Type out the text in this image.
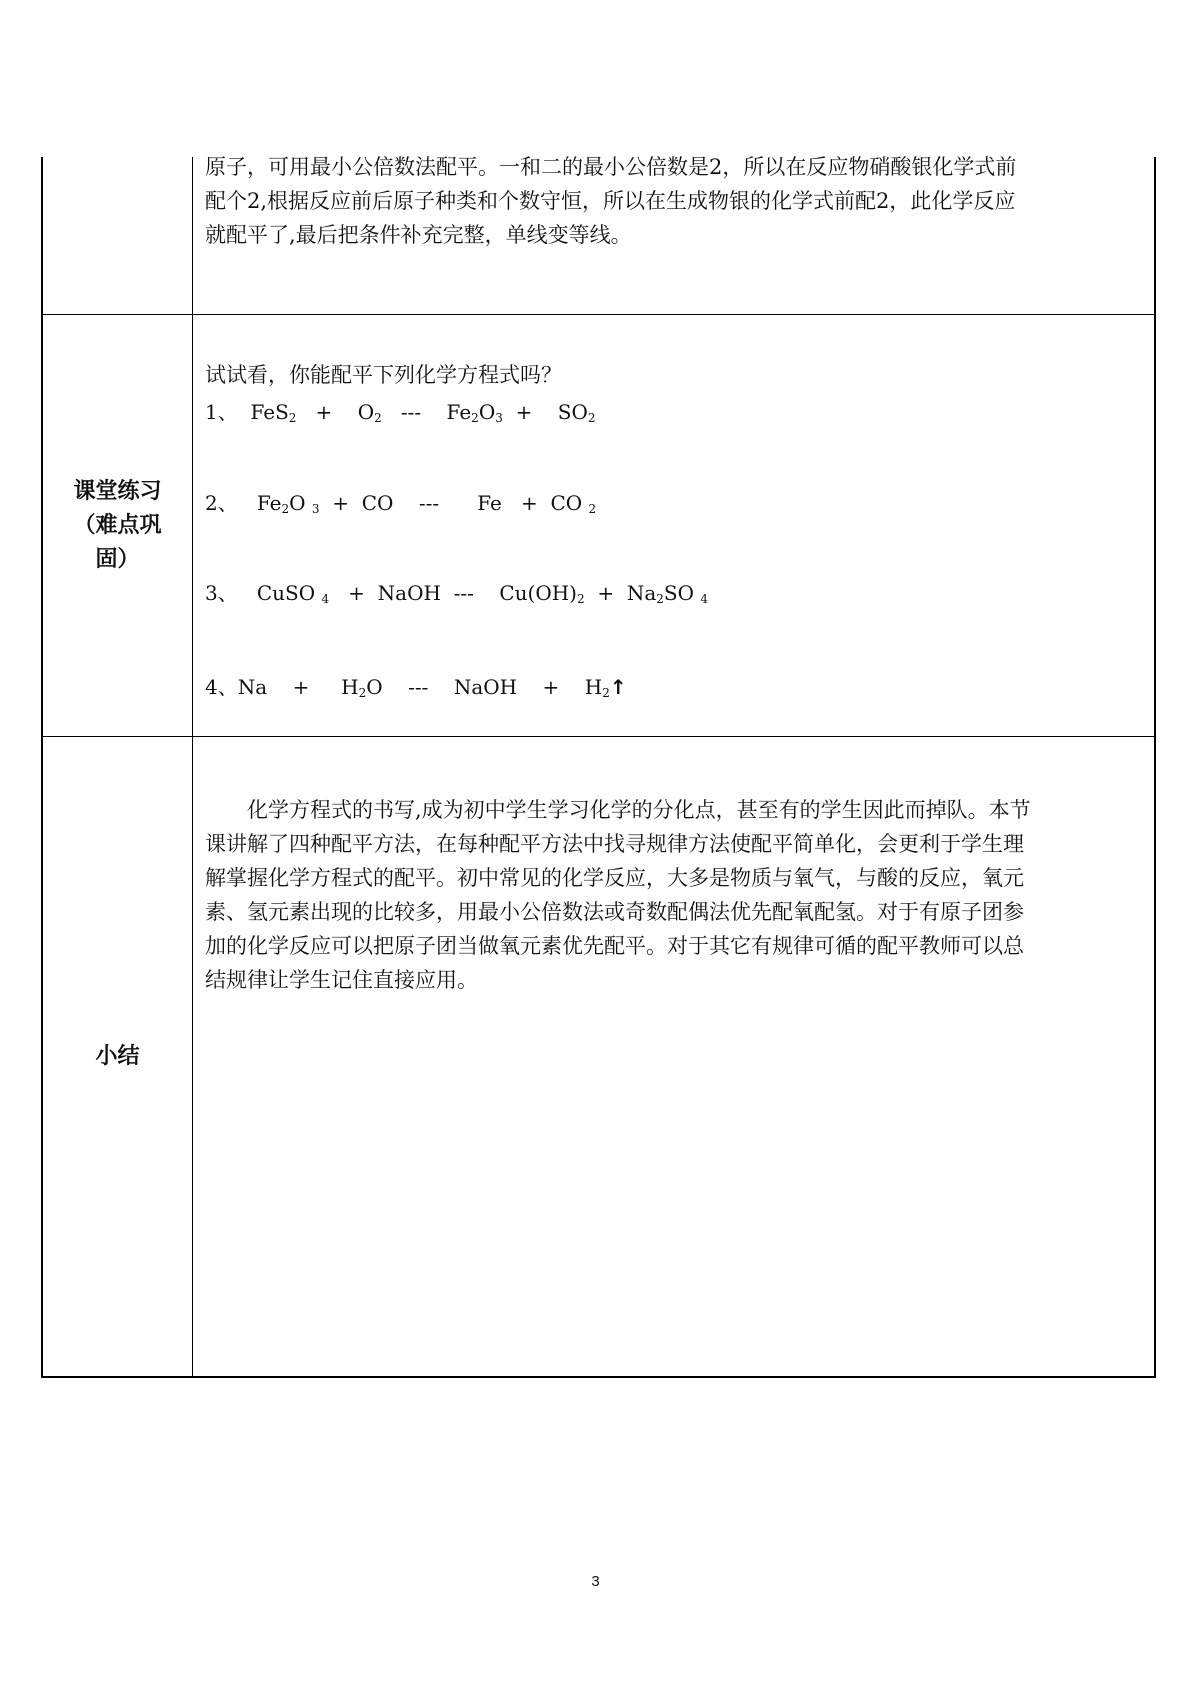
原子，可用最小公倍数法配平。一和二的最小公倍数是2，所以在反应物硝酸银化学式前

配个2,根据反应前后原子种类和个数守恒，所以在生成物银的化学式前配2，此化学反应

就配平了,最后把条件补充完整，单线变等线。

课堂练习
（难点巩
固）

试试看，你能配平下列化学方程式吗？

1、 $FeS_2 + O_2$ --- $Fe_2O_3 + SO_2$
2、 $Fe_2O$ $_3$ + CO --- Fe + CO $_2$
3、 CuSO $_4$ + NaOH --- $Cu(OH)_2 + Na_2SO$ $_4$
4、$Na + H_2O$ --- NaOH + $H_2↑$
小结

化学方程式的书写,成为初中学生学习化学的分化点，甚至有的学生因此而掉队。本节

课讲解了四种配平方法，在每种配平方法中找寻规律方法使配平简单化，会更利于学生理

解掌握化学方程式的配平。初中常见的化学反应，大多是物质与氧气，与酸的反应，氧元

素、氢元素出现的比较多，用最小公倍数法或奇数配偶法优先配氧配氢。对于有原子团参

加的化学反应可以把原子团当做氧元素优先配平。对于其它有规律可循的配平教师可以总

结规律让学生记住直接应用。

3
